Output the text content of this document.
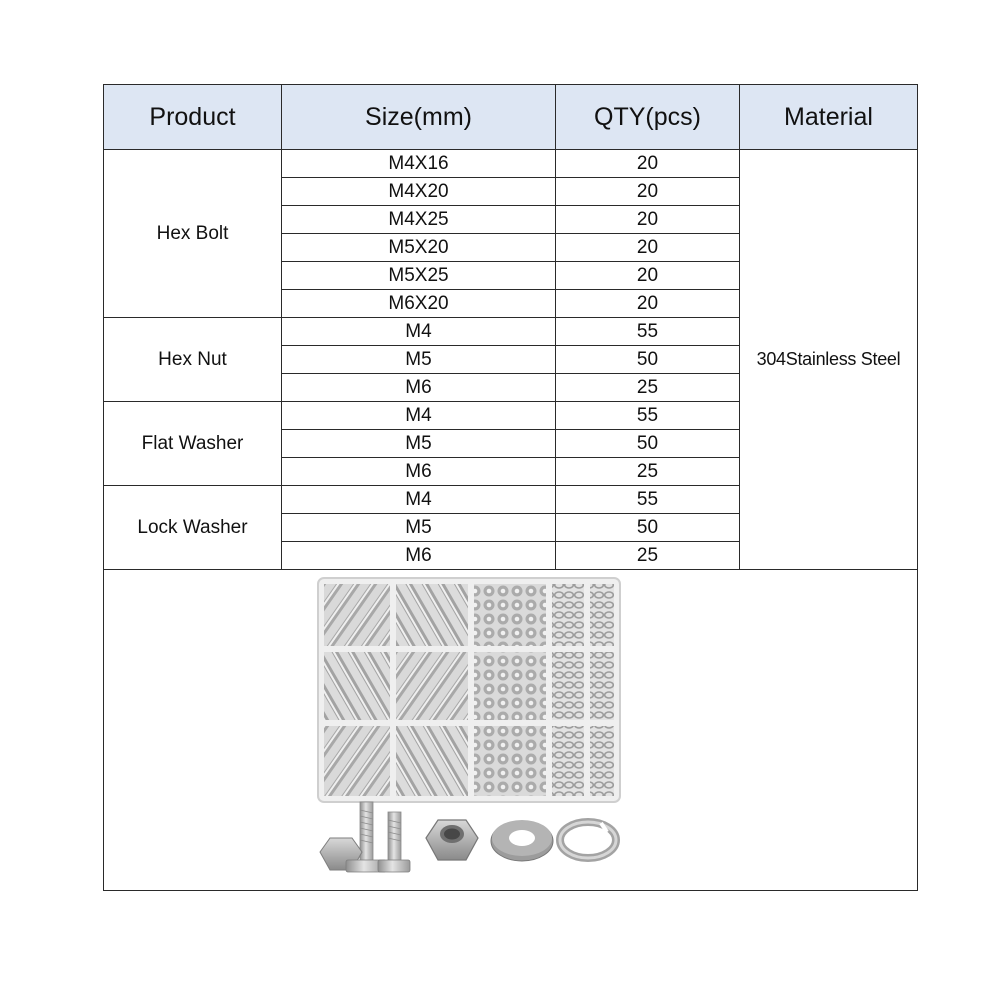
Product	Size(mm)	QTY(pcs)	Material
Hex Bolt	M4X16	20	304Stainless Steel
	M4X20	20	
	M4X25	20	
	M5X20	20	
	M5X25	20	
	M6X20	20	
Hex Nut	M4	55	
	M5	50	
	M6	25	
Flat Washer	M4	55	
	M5	50	
	M6	25	
Lock Washer	M4	55	
	M5	50	
	M6	25	
